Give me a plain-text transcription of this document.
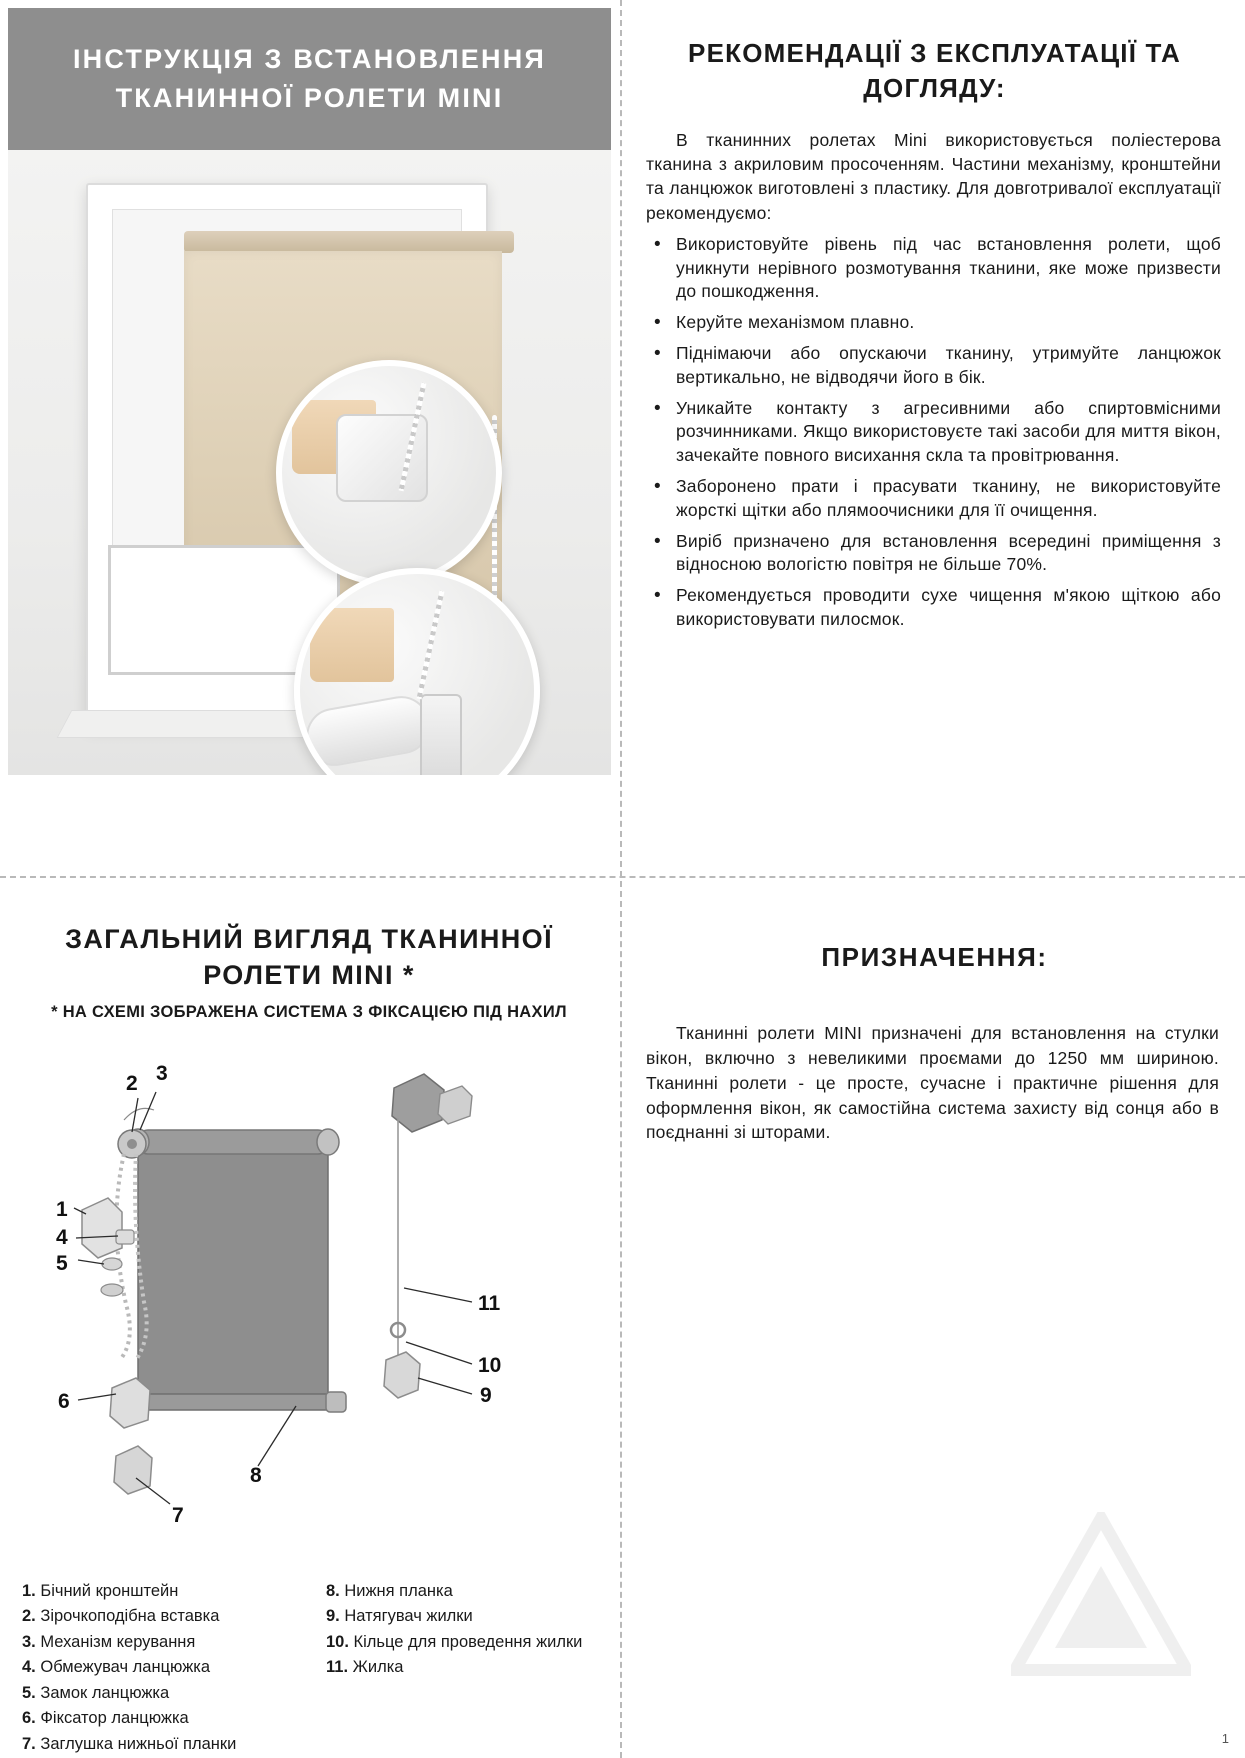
ІНСТРУКЦІЯ З ВСТАНОВЛЕННЯ ТКАНИННОЇ РОЛЕТИ MINI
РЕКОМЕНДАЦІЇ З ЕКСПЛУАТАЦІЇ ТА ДОГЛЯДУ:
В тканинних ролетах Mini використовується поліестерова тканина з акриловим просоченням. Частини механізму, кронштейни та ланцюжок виготовлені з пластику. Для довготривалої експлуатації рекомендуємо:
• Використовуйте рівень під час встановлення ролети, щоб уникнути нерівного розмотування тканини, яке може призвести до пошкодження.
• Керуйте механізмом плавно.
• Піднімаючи або опускаючи тканину, утримуйте ланцюжок вертикально, не відводячи його в бік.
• Уникайте контакту з агресивними або спиртовмісними розчинниками. Якщо використовуєте такі засоби для миття вікон, зачекайте повного висихання скла та провітрювання.
• Заборонено прати і прасувати тканину, не використовуйте жорсткі щітки або плямоочисники для її очищення.
• Виріб призначено для встановлення всередині приміщення з відносною вологістю повітря не більше 70%.
• Рекомендується проводити сухе чищення м'якою щіткою або використовувати пилосмок.
ЗАГАЛЬНИЙ ВИГЛЯД ТКАНИННОЇ РОЛЕТИ MINI *
* НА СХЕМІ ЗОБРАЖЕНА СИСТЕМА З ФІКСАЦІЄЮ ПІД НАХИЛ
1
2 3
4
5
6
7
8
9
10
11
1. Бічний кронштейн
2. Зірочкоподібна вставка
3. Механізм керування
4. Обмежувач ланцюжка
5. Замок ланцюжка
6. Фіксатор ланцюжка
7. Заглушка нижньої планки
8. Нижня планка
9. Натягувач жилки
10. Кільце для проведення жилки
11. Жилка
ПРИЗНАЧЕННЯ:
Тканинні ролети MINI призначені для встановлення на стулки вікон, включно з невеликими проємами до 1250 мм шириною. Тканинні ролети - це просте, сучасне і практичне рішення для оформлення вікон, як самостійна система захисту від сонця або в поєднанні зі шторами.
1
